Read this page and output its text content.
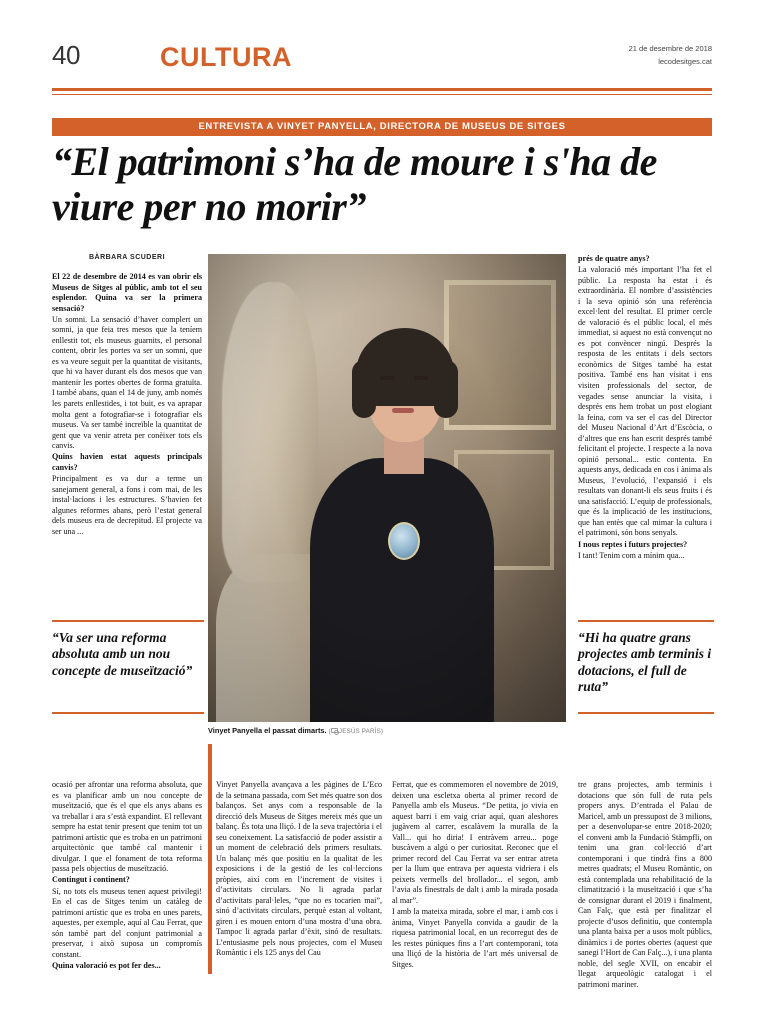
40	CULTURA	21 de desembre de 2018
lecodesitges.cat
ENTREVISTA A VINYET PANYELLA, DIRECTORA DE MUSEUS DE SITGES
“El patrimoni s’ha de moure i s'ha de viure per no morir”
BÀRBARA SCUDERI
Vinyet Panyella el passat dimarts. ( JESÚS PARÍS)
“Va ser una reforma absoluta amb un nou concepte de museïtzació”
“Hi ha quatre grans projectes amb terminis i dotacions, el full de ruta”

El 22 de desembre de 2014 es van obrir els Museus de Sitges al públic, amb tot el seu esplendor. Quina va ser la primera sensació?

Un somni. La sensació d’haver complert un somni, ja que feia tres mesos que la teníem enllestit tot, els museus guarnits, el personal content, obrir les portes va ser un somni, que es va veure seguit per la quantitat de visitants, que hi va haver durant els dos mesos que van mantenir les portes obertes de forma gratuïta. I també abans, quan el 14 de juny, amb només les parets enllestides, i tot buit, es va aprapar molta gent a fotografiar-se i fotografiar els museus. Va ser també increïble la quantitat de gent que va venir atreta per conèixer tots els canvis.

Quins havien estat aquests principals canvis?

Principalment es va dur a terme un sanejament general, a fons i com mai, de les instal·lacions i les estructures. S’havien fet algunes reformes abans, però l’estat general dels museus era de decrepitud. El projecte va ser una ...

ocasió per afrontar una reforma absoluta, que es va planificar amb un nou concepte de museïtzació, que és el que els anys abans es va treballar i ara s’està expandint. El rellevant sempre ha estat tenir present que tenim tot un patrimoni artístic que es troba en un patrimoni arquitectònic que també cal mantenir i divulgar. I que el fonament de tota reforma passa pels objectius de museïtzació.

Contingut i continent?

Sí, no tots els museus tenen aquest privilegi! En el cas de Sitges tenim un catàleg de patrimoni artístic que es troba en unes parets, aquestes, per exemple, aquí al Cau Ferrat, que són també part del conjunt patrimonial a preservar, i això suposa un compromís constant.

Quina valoració es pot fer des...

Vinyet Panyella avançava a les pàgines de L’Eco de la setmana passada, com Set més quatre son dos balanços. Set anys com a responsable de la direcció dels Museus de Sitges mereix més que un balanç. És tota una lliçó. I de la seva trajectòria i el seu coneixement. La satisfacció de poder assistir a un moment de celebració dels primers resultats. Un balanç més que positiu en la qualitat de les exposicions i de la gestió de les col·leccions pròpies, així com en l’increment de visites i d’activitats circulars. No li agrada parlar d’activitats paral·leles, “que no es tocarien mai”, sinó d’activitats circulars, perquè estan al voltant, giren i es mouen entorn d’una mostra d’una obra. Tampoc li agrada parlar d’èxit, sinó de resultats. L’entusiasme pels nous projectes, com el Museu Romàntic i els 125 anys del Cau

Ferrat, que es commemoren el novembre de 2019, deixen una escletxa oberta al primer record de Panyella amb els Museus. “De petita, jo vivia en aquest barri i em vaig criar aquí, quan aleshores jugàvem al carrer, escalàvem la muralla de la Vall... qui ho diria! I entràvem arreu... poge buscàvem a algú o per curiositat. Reconec que el primer record del Cau Ferrat va ser entrar atreta per la llum que entrava per aquesta vidriera i els peixets vermells del brollador... el segon, amb l’avia als finestrals de dalt i amb la mirada posada al mar”.

I amb la mateixa mirada, sobre el mar, i amb cos i ànima, Vinyet Panyella convida a gaudir de la riquesa patrimonial local, en un recorregut des de les restes púniques fins a l’art contemporani, tota una lliçó de la història de l’art més universal de Sitges.

prés de quatre anys?

La valoració més important l’ha fet el públic. La resposta ha estat i és extraordinària. El nombre d’assistències i la seva opinió són una referència excel·lent del resultat. El primer cercle de valoració és el públic local, el més immediat, si aquest no està convençut no es pot convèncer ningú. Després la resposta de les entitats i dels sectors econòmics de Sitges també ha estat positiva. També ens han visitat i ens visiten professionals del sector, de vegades sense anunciar la visita, i després ens hem trobat un post elogiant la feina, com va ser el cas del Director del Museu Nacional d’Art d’Escòcia, o d’altres que ens han escrit després també felicitant el projecte. I respecte a la nova opinió personal... estic contenta. En aquests anys, dedicada en cos i ànima als Museus, l’evolució, l’expansió i els resultats van donant-li els seus fruits i és una satisfacció. L’equip de professionals, que és la implicació de les institucions, que han entès que cal mimar la cultura i el patrimoni, són bons senyals.

I nous reptes i futurs projectes?

I tant! Tenim com a mínim qua...

tre grans projectes, amb terminis i dotacions que són full de ruta pels propers anys. D’entrada el Palau de Maricel, amb un pressupost de 3 milions, per a desenvolupar-se entre 2018-2020; el conveni amb la Fundació Stämpfli, on tenim una gran col·lecció d’art contemporani i que tindrà fins a 800 metres quadrats; el Museu Romàntic, on està contemplada una rehabilitació de la climatització i la museïtzació i que s’ha de consignar durant el 2019 i finalment, Can Falç, que està per finalitzar el projecte d’usos definitiu, que contempla una planta baixa per a usos molt públics, dinàmics i de portes obertes (aquest que sanegi l’Hort de Can Falç...), i una planta noble, del segle XVII, on encabir el llegat arqueològic catalogat i el patrimoni mariner.
